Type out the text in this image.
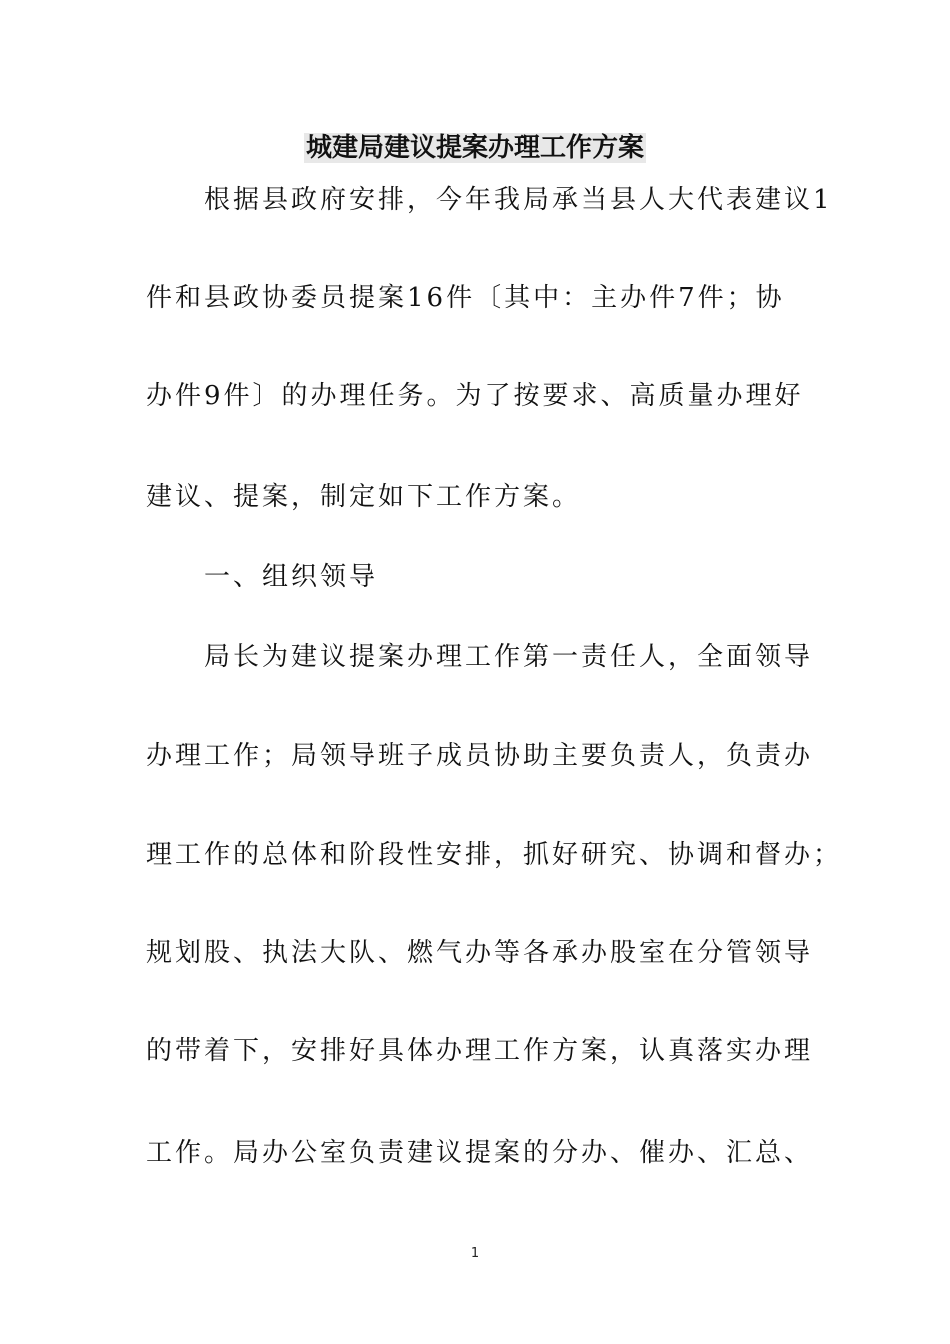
城建局建议提案办理工作方案
根据县政府安排，今年我局承当县人大代表建议1
件和县政协委员提案16件〔其中：主办件7件；协
办件9件〕的办理任务。为了按要求、高质量办理好
建议、提案，制定如下工作方案。
一、组织领导
局长为建议提案办理工作第一责任人，全面领导
办理工作；局领导班子成员协助主要负责人，负责办
理工作的总体和阶段性安排，抓好研究、协调和督办；
规划股、执法大队、燃气办等各承办股室在分管领导
的带着下，安排好具体办理工作方案，认真落实办理
工作。局办公室负责建议提案的分办、催办、汇总、
1
